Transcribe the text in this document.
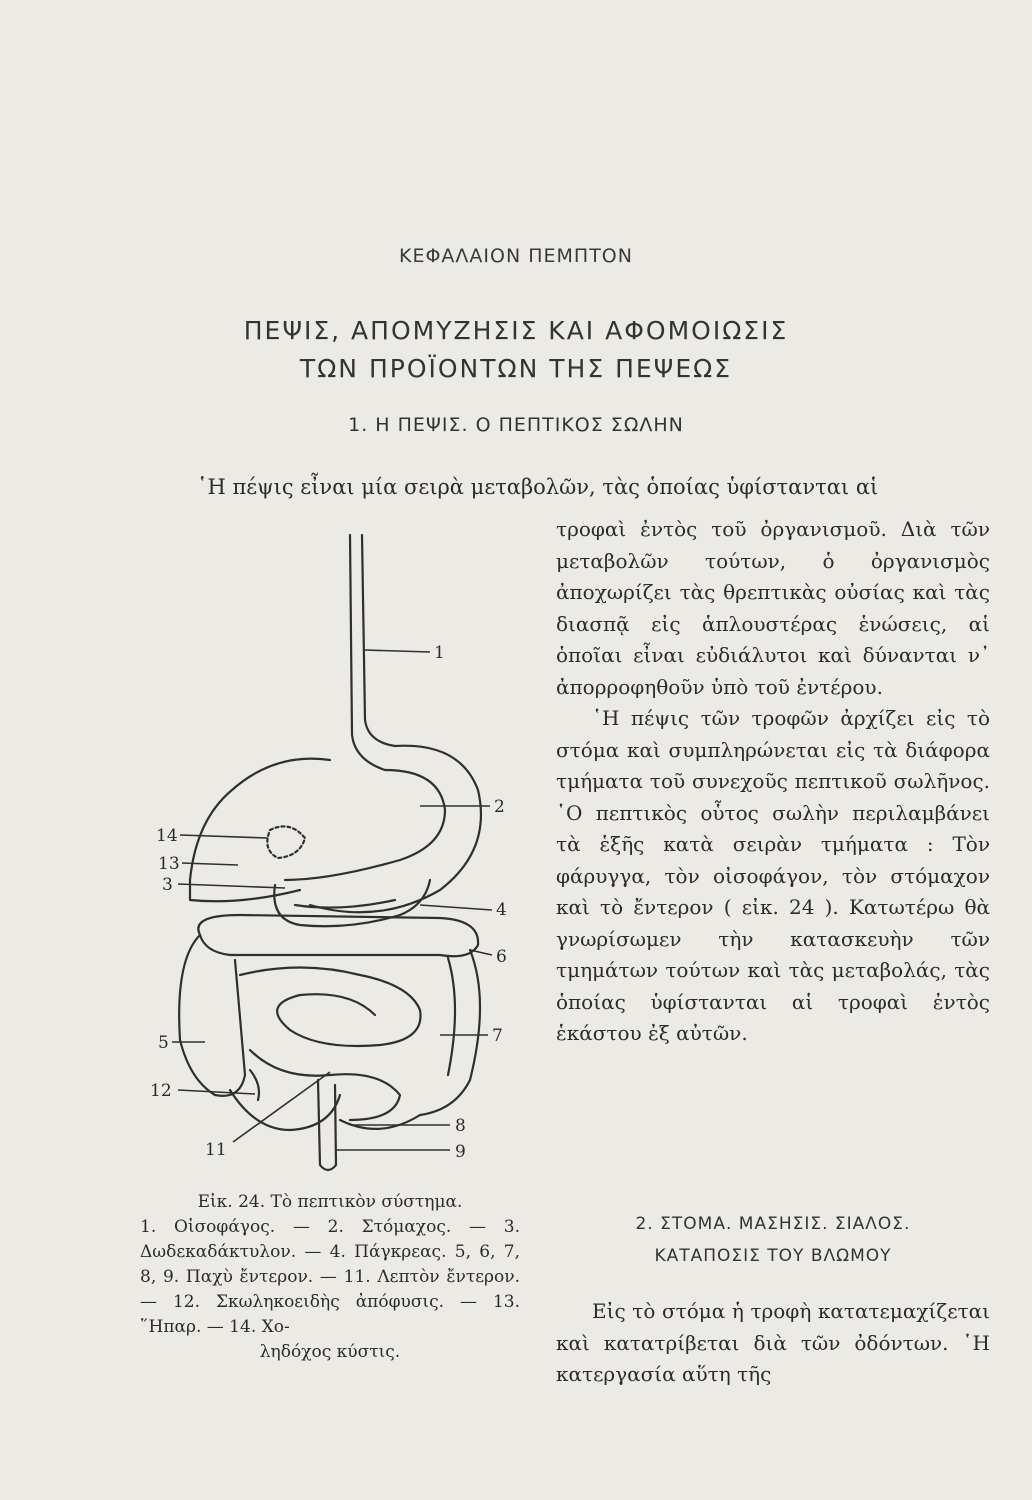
ΚΕΦΑΛΑΙΟΝ ΠΕΜΠΤΟΝ
ΠΕΨΙΣ, ΑΠΟΜΥΖΗΣΙΣ ΚΑΙ ΑΦΟΜΟΙΩΣΙΣ
ΤΩΝ ΠΡΟΪΟΝΤΩΝ ΤΗΣ ΠΕΨΕΩΣ
1. Η ΠΕΨΙΣ. Ο ΠΕΠΤΙΚΟΣ ΣΩΛΗΝ

῾Η πέψις εἶναι μία σειρὰ μεταβολῶν, τὰς ὁποίας ὑφίστανται αἱ

τροφαὶ ἐντὸς τοῦ ὀργανισμοῦ. Διὰ τῶν μεταβολῶν τούτων, ὁ ὀργανισμὸς ἀποχωρίζει τὰς θρεπτικὰς οὐσίας καὶ τὰς διασπᾷ εἰς ἁπλουστέρας ἑνώσεις, αἱ ὁποῖαι εἶναι εὐδιάλυτοι καὶ δύνανται ν᾿ ἀπορροφηθοῦν ὑπὸ τοῦ ἐντέρου.

῾Η πέψις τῶν τροφῶν ἀρχίζει εἰς τὸ στόμα καὶ συμπληρώνεται εἰς τὰ διάφορα τμήματα τοῦ συνεχοῦς πεπτικοῦ σωλῆνος. ῾Ο πεπτικὸς οὗτος σωλὴν περιλαμβάνει τὰ ἑξῆς κατὰ σειρὰν τμήματα : Τὸν φάρυγγα, τὸν οἰσοφάγον, τὸν στόμαχον καὶ τὸ ἔντερον ( εἰκ. 24 ). Κατωτέρω θὰ γνωρίσωμεν τὴν κατασκευὴν τῶν τμημάτων τούτων καὶ τὰς μεταβολάς, τὰς ὁποίας ὑφίστανται αἱ τροφαὶ ἐντὸς ἑκάστου ἐξ αὐτῶν.

2. ΣΤΟΜΑ. ΜΑΣΗΣΙΣ. ΣΙΑΛΟΣ.
ΚΑΤΑΠΟΣΙΣ ΤΟΥ ΒΛΩΜΟΥ

Εἰς τὸ στόμα ἡ τροφὴ κατατεμαχίζεται καὶ κατατρίβεται διὰ τῶν ὀδόντων. ῾Η κατεργασία αὕτη τῆς

1
2
4
6
7
8
9
14
13
3
5
12
11

Εἰκ. 24. Τὸ πεπτικὸν σύστημα.
1. Οἰσοφάγος. — 2. Στόμαχος. — 3. Δωδεκαδάκτυλον. — 4. Πάγκρεας. 5, 6, 7, 8, 9. Παχὺ ἔντερον. — 11. Λεπτὸν ἔντερον. — 12. Σκωληκοειδὴς ἀπόφυσις. — 13. ῞Ηπαρ. — 14. Χο-
ληδόχος κύστις.
